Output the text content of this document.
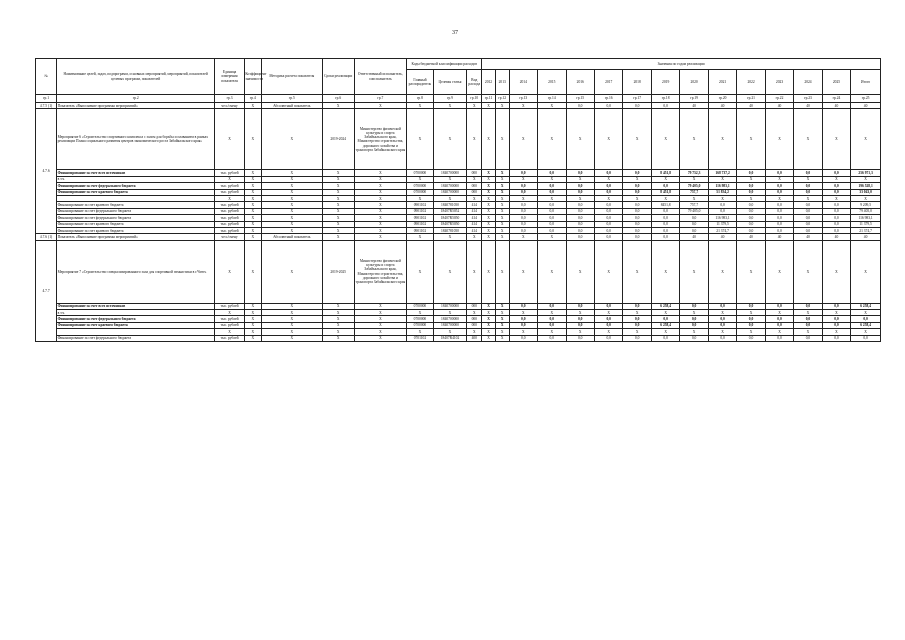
37
№	Наименование целей, задач, подпрограмм, основных мероприятий, мероприятий, показателей целевых программ, показателей	Единица измерения показателя	Коэффициент значимости	Методика расчета показателя	Сроки реализации	Ответственный исполнитель, соисполнитель	Коды бюджетной классификации расходов			Значения по годам реализации														
							Главный распорядитель	Целевая статья	Вид расхода	2012	2013	2014	2015	2016	2017	2018	2019	2020	2021	2022	2023	2024	2025	Итого
гр.1	гр.2	гр.3	гр.4	гр.5	гр.6	гр.7	гр.8	гр.9	гр.10	гр.11	гр.12	гр.13	гр.14	гр.15	гр.16	гр.17	гр.18	гр.19	гр.20	гр.21	гр.22	гр.23	гр.24	гр.25
4.7.5 (1)	Показатель «Выполнение программы мероприятий»	чел./смену	X	Абсолютный показатель	X	X	X	X	X	X	X	X	X	0,0	0,0	0,0	0,0	40	40	40	40	40	40	40
4.7.6	Мероприятие 6 «Строительство спортивного комплекса с залом для борьбы и плаванием в рамках реализации Плана социального развития центров экономического роста Забайкальского края»	X	X	X	2019-2024	Министерство физической культуры и спорта Забайкальского края, Министерство строительства, дорожного хозяйства и транспорта Забайкальского края	X	X	X	X	X	X	X	X	X	X	X	X	X	X	X	X	X	X
	Финансирование за счет всех источников	тыс. рублей	X	X	X	X	0700000	1840700000	000	X	X	0,0	0,0	0,0	0,0	0,0	8 451,8	79 752,3	168 737,2	0,0	0,0	0,0	0,0	256 971,3
	в т.ч.	X	X	X	X	X	X	X	X	X	X	X	X	X	X	X	X	X	X	X	X	X	X	X
	Финансирование за счет федерального бюджета	тыс. рублей	X	X	X	X	0700000	1840700000	000	X	X	0,0	0,0	0,0	0,0	0,0	0,0	79 405,0	116 983,1	0,0	0,0	0,0	0,0	196 528,1
	Финансирование за счет краевого бюджета	тыс. рублей	X	X	X	X	0700000	1840700000	000	X	X	0,0	0,0	0,0	0,0	0,0	8 451,8	757,7	51 834,2	0,0	0,0	0,0	0,0	33 043,0
		X	X	X	X	X	X	X	X	X	X	X	X	X	X	X	X	X	X	X	X	X	X	X
	Финансирование за счет краевого бюджета	тыс. рублей	X	X	X	X	0901102	1840781050	414	X	X	0,0	0,0	0,0	0,0	0,0	8451,8	757,7	0,0	0,0	0,0	0,0	0,0	9 209,5
	Финансирование за счет федерального бюджета	тыс. рублей	X	X	X	X	0901102	18407R5052	414	X	X	0,0	0,0	0,0	0,0	0,0	0,0	79 405,0	0,0	0,0	0,0	0,0	0,0	79 405,0
	Финансирование за счет федерального бюджета	тыс. рублей	X	X	X	X	0901102	18407R5050	414	X	X	0,0	0,0	0,0	0,0	0,0	0,0	0,0	116 983,1	0,0	0,0	0,0	0,0	116 983,1
	Финансирование за счет краевого бюджета	тыс. рублей	X	X	X	X	0901102	18407R5050	414	X	X	0,0	0,0	0,0	0,0	0,0	0,0	0,0	11 379,5	0,0	0,0	0,0	0,0	11 379,5
	Финансирование за счет краевого бюджета	тыс. рублей	X	X	X	X	0901102	1840781050	414	X	X	0,0	0,0	0,0	0,0	0,0	0,0	0,0	21 374,7	0,0	0,0	0,0	0,0	21 374,7
4.7.6 (1)	Показатель «Выполнение программы мероприятий»	чел./смену	X	Абсолютный показатель	X	X	X	X	X	X	X	X	X	0,0	0,0	0,0	0,0	40	40	40	40	40	40	40
4.7.7	Мероприятие 7 «Строительство специализированного зала для спортивной гимнастики в г.Чите»	X	X	X	2019-2025	Министерство физической культуры и спорта Забайкальского края, Министерство строительства, дорожного хозяйства и транспорта Забайкальского края	X	X	X	X	X	X	X	X	X	X	X	X	X	X	X	X	X	X
	Финансирование за счет всех источников	тыс. рублей	X	X	X	X	0700000	1840700000	000	X	X	0,0	0,0	0,0	0,0	0,0	6 258,4	0,0	0,0	0,0	0,0	0,0	0,0	6 258,4
	в т.ч.	X	X	X	X	X	X	X	X	X	X	X	X	X	X	X	X	X	X	X	X	X	X	X
	Финансирование за счет федерального бюджета	тыс. рублей	X	X	X	X	0700000	1840700000	000	X	X	0,0	0,0	0,0	0,0	0,0	0,0	0,0	0,0	0,0	0,0	0,0	0,0	0,0
	Финансирование за счет краевого бюджета	тыс. рублей	X	X	X	X	0700000	1840700000	000	X	X	0,0	0,0	0,0	0,0	0,0	6 258,4	0,0	0,0	0,0	0,0	0,0	0,0	6 258,4
		X	X	X	X	X	X	X	X	X	X	X	X	X	X	X	X	X	X	X	X	X	X	X
	Финансирование за счет федерального бюджета	тыс. рублей	X	X	X	X	0701102	18407R4102	400	X	X	0,0	0,0	0,0	0,0	0,0	0,0	0,0	0,0	0,0	0,0	0,0	0,0	0,0
